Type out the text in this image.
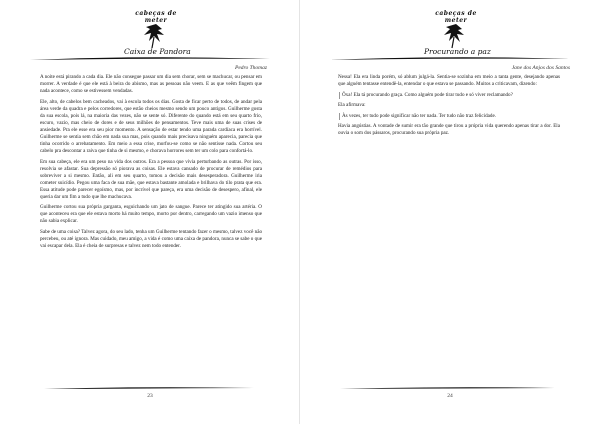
cabeças de
meter
Caixa de Pandora
Pedro Thomaz

A noite está pirando a cada dia. Ele não consegue passar um dia sem chorar, sem se machucar, ou pensar em morrer. A verdade é que ele está à beira do abismo, mas as pessoas não veem. E as que veêm fingem que nada acontece, como se estivessem vendadas.

Ele, alto, de cabelos bem cacheados, vai à escola todos os dias. Gosta de ficar perto de todos, de andar pela área verde da quadra e pelos corredores, que estão cheios mesmo sendo um pouco antigos. Guilherme gosta da sua escola, pois lá, na maioria das vezes, não se sente só. Diferente do quando está em seu quarto frio, escuro, vazio, mas cheio de dores e de seus milhões de pensamentos. Teve mais uma de suas crises de ansiedade. Pra ele esse era seu pior momento. A sensação de estar tendo uma parada cardíaca era horrível. Guilherme se sentia sem chão em nada sua mas, pois quando mais precisava ninguém aparecia, parecia que tinha ocorrido o arrebatamento. Em meio a essa crise, morfou-se como se não sentisse nada. Cortou seu cabelo pra descontar a raiva que tinha de si mesmo, e chorava horrores sem ter um colo para confortá-lo.

Em sua cabeça, ele era um peso na vida dos outros. Era a pessoa que vivia perturbando as outras. Por isso, resolvia se afastar. Sua depressão só piorava as coisas. Ele estava cansado de procurar de remédios para sobreviver a si mesmo. Então, ali em seu quarto, tomou a decisão mais desesperadora. Guilherme iria cometer suicídio. Pegou uma faca de sua mãe, que estava bastante amolada e brilhava do tilo prata que era. Essa atitude pode parecer egoísmo, mas, por incrível que pareça, era uma decisão de desespero, afinal, ele queria dar um fim a tudo que lhe machucava.

Guilherme cortou sua própria garganta, esguichando um jato de sangue. Parece ter atingido sua artéria. O que aconteceu era que ele estava morto há muito tempo, morto por dentro, carregando um vazio imenso que não sabia explicar.

Sabe de uma coisa? Talvez agora, do seu lado, tenha um Guilherme tentando fazer o mesmo, talvez você não percebeu, ou até ignora. Mas cuidado, meu amigo, a vida é como uma caixa de pandora, nunca se sabe o que vai escapar dela. Ela é cheia de surpresas e talvez nem todo entender.

23
cabeças de
meter
Procurando a paz
Jane dos Anjos dos Santos

Nessa! Ela era linda porém, só ablum julgá-la. Sentia-se sozinha em meio a tanta gente, desejando apenas que alguém tentasse entendê-la, entendar o que estava se passando. Muitos a criticavam, dizendo:

Ôxa! Ela tá procurando graça. Como alguém pode tirar tudo e só viver reclamando?

Ela afirmava:

Às vezes, ter tudo pode significar não ter nada. Ter tudo não traz felicidade.

Havia angústias. A vontade de sumir era tão grande que tirou a própria vida querendo apenas tirar a dor. Ela ouvia o som dos pássaros, procurando sua própria paz.

24
